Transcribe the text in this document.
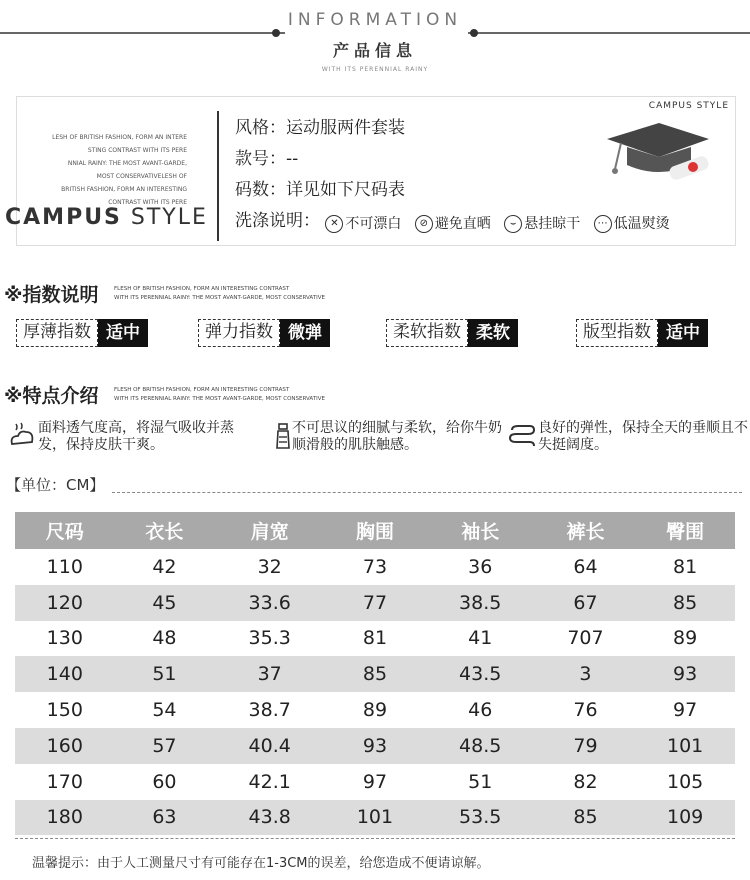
INFORMATION
产品信息
WITH ITS PERENNIAL RAINY
LESH OF BRITISH FASHION, FORM AN INTERE
STING CONTRAST WITH ITS PERE
NNIAL RAINY: THE MOST AVANT-GARDE,
MOST CONSERVATIVELESH OF
BRITISH FASHION, FORM AN INTERESTING
CONTRAST WITH ITS PERE
CAMPUS STYLE
风格：运动服两件套装
款号：--
码数：详见如下尺码表
洗涤说明：	✕ 不可漂白
	⊘ 避免直晒
	⌣ 悬挂晾干
	⋯ 低温熨烫
CAMPUS STYLE
※指数说明	FLESH OF BRITISH FASHION, FORM AN INTERESTING CONTRAST
WITH ITS PERENNIAL RAINY: THE MOST AVANT-GARDE, MOST CONSERVATIVE
厚薄指数 适中	弹力指数 微弹	柔软指数 柔软	版型指数 适中
※特点介绍	FLESH OF BRITISH FASHION, FORM AN INTERESTING CONTRAST
WITH ITS PERENNIAL RAINY: THE MOST AVANT-GARDE, MOST CONSERVATIVE
面料透气度高，将湿气吸收并蒸发，保持皮肤干爽。
不可思议的细腻与柔软，给你牛奶顺滑般的肌肤触感。
良好的弹性，保持全天的垂顺且不失挺阔度。
【单位：CM】
尺码	衣长	肩宽	胸围	袖长	裤长	臀围
110	42	32	73	36	64	81
120	45	33.6	77	38.5	67	85
130	48	35.3	81	41	707	89
140	51	37	85	43.5	3	93
150	54	38.7	89	46	76	97
160	57	40.4	93	48.5	79	101
170	60	42.1	97	51	82	105
180	63	43.8	101	53.5	85	109
温馨提示：由于人工测量尺寸有可能存在1-3CM的误差，给您造成不便请谅解。
